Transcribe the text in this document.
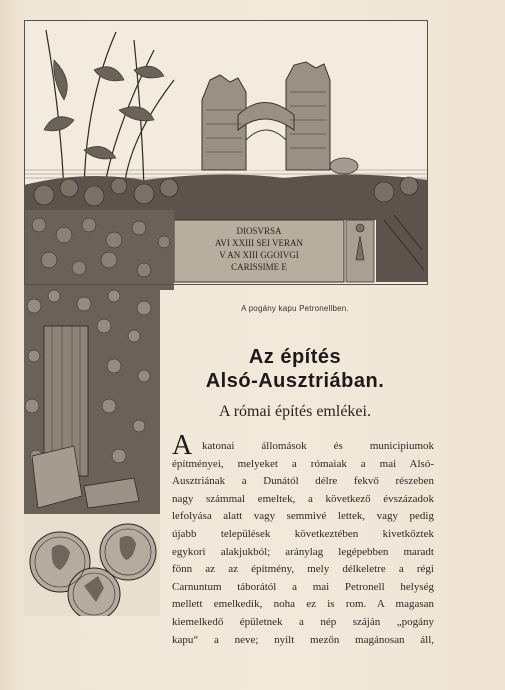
DIOSVRSA
AVI XXIII SEI VERAN
V AN XIII GGOIVGI
CARISSIME E
A pogány kapu Petronellben.
Az építés
Alsó-Ausztriában.
A római építés emlékei.
A katonai állomások és municipiumok
építményei, melyeket a rómaiak a mai Alsó-
Ausztriának a Dunától délre fekvő részeben
nagy számmal emeltek, a következő évszázadok
lefolyása alatt vagy semmivé lettek, vagy pedig
újabb települések következtében kivetkőztek
egykori alakjukból; aránylag legépebben maradt
fönn az az építmény, mely délkeletre a régi
Carnuntum táborától a mai Petronell helység
mellett emelkedik, noha ez is rom. A magasan
kiemelkedő épületnek a nép száján „pogány
kapu“ a neve; nyilt mezőn magánosan áll,
